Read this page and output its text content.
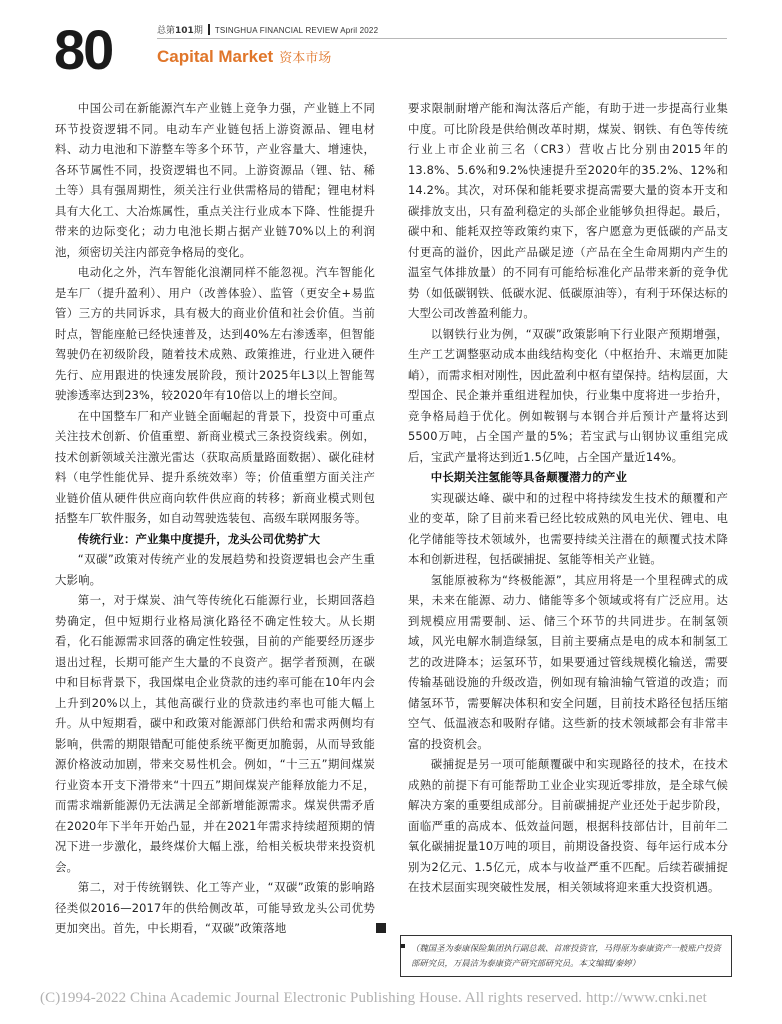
80	总第101期 TSINGHUA FINANCIAL REVIEW April 2022
Capital Market 资本市场

中国公司在新能源汽车产业链上竞争力强，产业链上不同环节投资逻辑不同。电动车产业链包括上游资源品、锂电材料、动力电池和下游整车等多个环节，产业容量大、增速快，各环节属性不同，投资逻辑也不同。上游资源品（锂、钴、稀土等）具有强周期性，须关注行业供需格局的错配；锂电材料具有大化工、大冶炼属性，重点关注行业成本下降、性能提升带来的边际变化；动力电池长期占据产业链70%以上的利润池，须密切关注内部竞争格局的变化。

电动化之外，汽车智能化浪潮同样不能忽视。汽车智能化是车厂（提升盈利）、用户（改善体验）、监管（更安全+易监管）三方的共同诉求，具有极大的商业价值和社会价值。当前时点，智能座舱已经快速普及，达到40%左右渗透率，但智能驾驶仍在初级阶段，随着技术成熟、政策推进，行业进入硬件先行、应用跟进的快速发展阶段，预计2025年L3以上智能驾驶渗透率达到23%，较2020年有10倍以上的增长空间。

在中国整车厂和产业链全面崛起的背景下，投资中可重点关注技术创新、价值重塑、新商业模式三条投资线索。例如，技术创新领域关注激光雷达（获取高质量路面数据）、碳化硅材料（电学性能优异、提升系统效率）等；价值重塑方面关注产业链价值从硬件供应商向软件供应商的转移；新商业模式则包括整车厂软件服务，如自动驾驶选装包、高级车联网服务等。

传统行业：产业集中度提升，龙头公司优势扩大

“双碳”政策对传统产业的发展趋势和投资逻辑也会产生重大影响。

第一，对于煤炭、油气等传统化石能源行业，长期回落趋势确定，但中短期行业格局演化路径不确定性较大。从长期看，化石能源需求回落的确定性较强，目前的产能要经历逐步退出过程，长期可能产生大量的不良资产。据学者预测，在碳中和目标背景下，我国煤电企业贷款的违约率可能在10年内会上升到20%以上，其他高碳行业的贷款违约率也可能大幅上升。从中短期看，碳中和政策对能源部门供给和需求两侧均有影响，供需的期限错配可能使系统平衡更加脆弱，从而导致能源价格波动加剧，带来交易性机会。例如，“十三五”期间煤炭行业资本开支下滑带来“十四五”期间煤炭产能释放能力不足，而需求端新能源仍无法满足全部新增能源需求。煤炭供需矛盾在2020年下半年开始凸显，并在2021年需求持续超预期的情况下进一步激化，最终煤价大幅上涨，给相关板块带来投资机会。

第二，对于传统钢铁、化工等产业，“双碳”政策的影响路径类似2016—2017年的供给侧改革，可能导致龙头公司优势更加突出。首先，中长期看，“双碳”政策落地

要求限制耐增产能和淘汰落后产能，有助于进一步提高行业集中度。可比阶段是供给侧改革时期，煤炭、钢铁、有色等传统行业上市企业前三名（CR3）营收占比分别由2015年的13.8%、5.6%和9.2%快速提升至2020年的35.2%、12%和14.2%。其次，对环保和能耗要求提高需要大量的资本开支和碳排放支出，只有盈利稳定的头部企业能够负担得起。最后，碳中和、能耗双控等政策约束下，客户愿意为更低碳的产品支付更高的溢价，因此产品碳足迹（产品在全生命周期内产生的温室气体排放量）的不同有可能给标准化产品带来新的竞争优势（如低碳钢铁、低碳水泥、低碳原油等），有利于环保达标的大型公司改善盈利能力。

以钢铁行业为例，“双碳”政策影响下行业限产预期增强，生产工艺调整驱动成本曲线结构变化（中枢抬升、末端更加陡峭），而需求相对刚性，因此盈利中枢有望保持。结构层面，大型国企、民企兼并重组进程加快，行业集中度将进一步抬升，竞争格局趋于优化。例如鞍钢与本钢合并后预计产量将达到5500万吨，占全国产量的5%；若宝武与山钢协议重组完成后，宝武产量将达到近1.5亿吨，占全国产量近14%。

中长期关注氢能等具备颠覆潜力的产业

实现碳达峰、碳中和的过程中将持续发生技术的颠覆和产业的变革，除了目前来看已经比较成熟的风电光伏、锂电、电化学储能等技术领域外，也需要持续关注潜在的颠覆式技术降本和创新进程，包括碳捕捉、氢能等相关产业链。

氢能原被称为“终极能源”，其应用将是一个里程碑式的成果，未来在能源、动力、储能等多个领域或将有广泛应用。达到规模应用需要制、运、储三个环节的共同进步。在制氢领域，风光电解水制造绿氢，目前主要痛点是电的成本和制氢工艺的改进降本；运氢环节，如果要通过管线规模化输送，需要传输基础设施的升级改造，例如现有输油输气管道的改造；而储氢环节，需要解决体积和安全问题，目前技术路径包括压缩空气、低温液态和吸附存储。这些新的技术领域都会有非常丰富的投资机会。

碳捕捉是另一项可能颠覆碳中和实现路径的技术，在技术成熟的前提下有可能帮助工业企业实现近零排放，是全球气候解决方案的重要组成部分。目前碳捕捉产业还处于起步阶段，面临严重的高成本、低效益问题，根据科技部估计，目前年二氧化碳捕捉量10万吨的项目，前期设备投资、每年运行成本分别为2亿元、1.5亿元，成本与收益严重不匹配。后续若碳捕捉在技术层面实现突破性发展，相关领域将迎来重大投资机遇。

（魏国圣为泰康保险集团执行副总裁、首席投资官，马得原为泰康资产一般账户投资部研究员，万晨洁为泰康资产研究部研究员。本文编辑/秦婷）
(C)1994-2022 China Academic Journal Electronic Publishing House. All rights reserved. http://www.cnki.net
